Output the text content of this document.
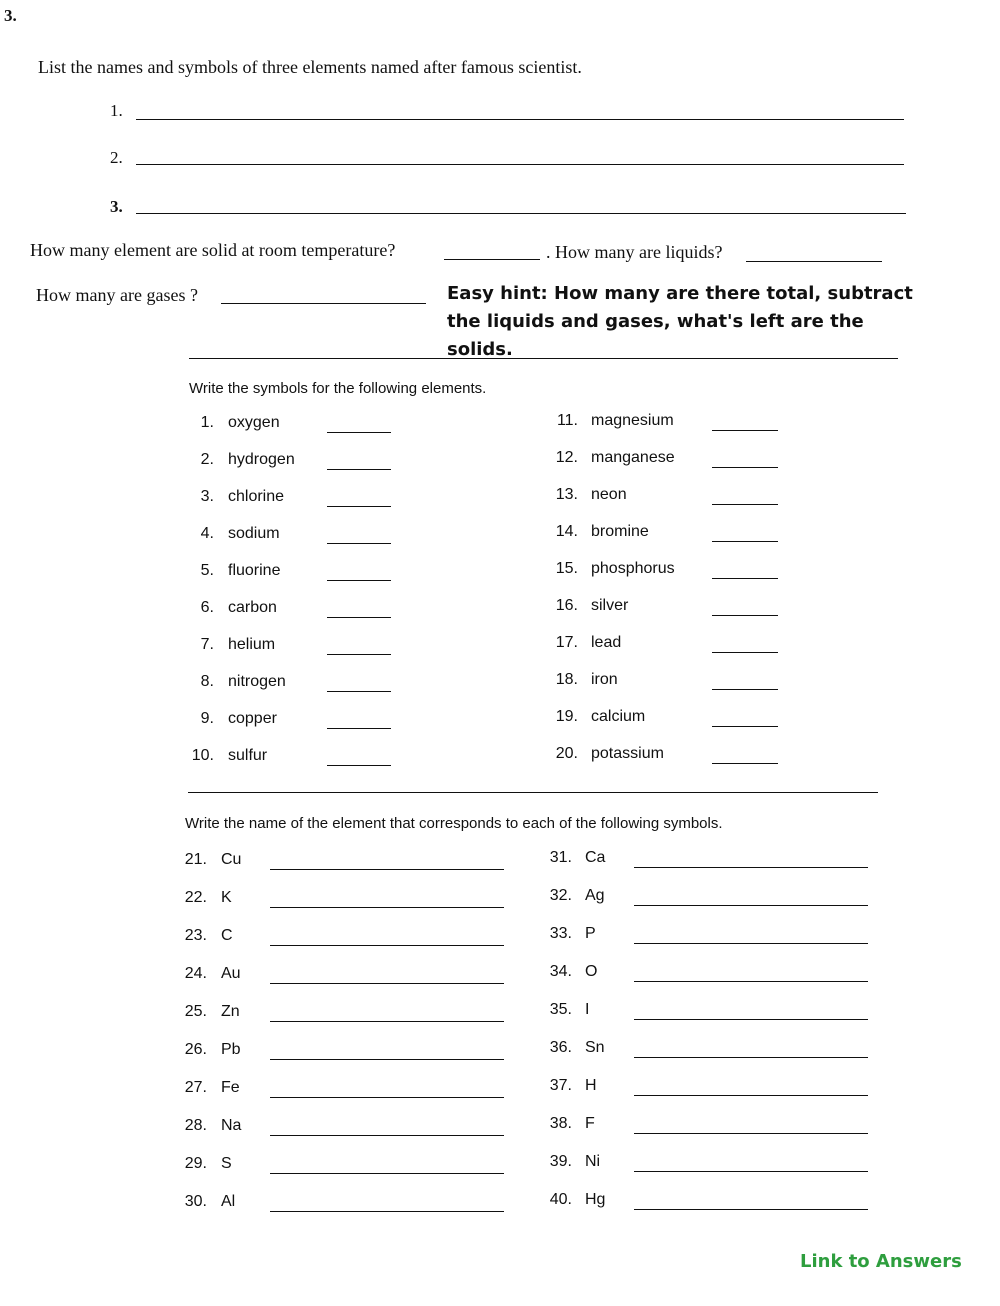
3.
List the names and symbols of three elements named after famous scientist.
1.
2.
3.
How many element are solid at room temperature?	. How many are liquids?
How many are gases ?	Easy hint: How many are there total, subtract the liquids and gases, what's left are the solids.
Write the symbols for the following elements.
1. oxygen
2. hydrogen
3. chlorine
4. sodium
5. fluorine
6. carbon
7. helium
8. nitrogen
9. copper
10. sulfur
11. magnesium
12. manganese
13. neon
14. bromine
15. phosphorus
16. silver
17. lead
18. iron
19. calcium
20. potassium
Write the name of the element that corresponds to each of the following symbols.
21. Cu
22. K
23. C
24. Au
25. Zn
26. Pb
27. Fe
28. Na
29. S
30. Al
31. Ca
32. Ag
33. P
34. O
35. I
36. Sn
37. H
38. F
39. Ni
40. Hg
Link to Answers
